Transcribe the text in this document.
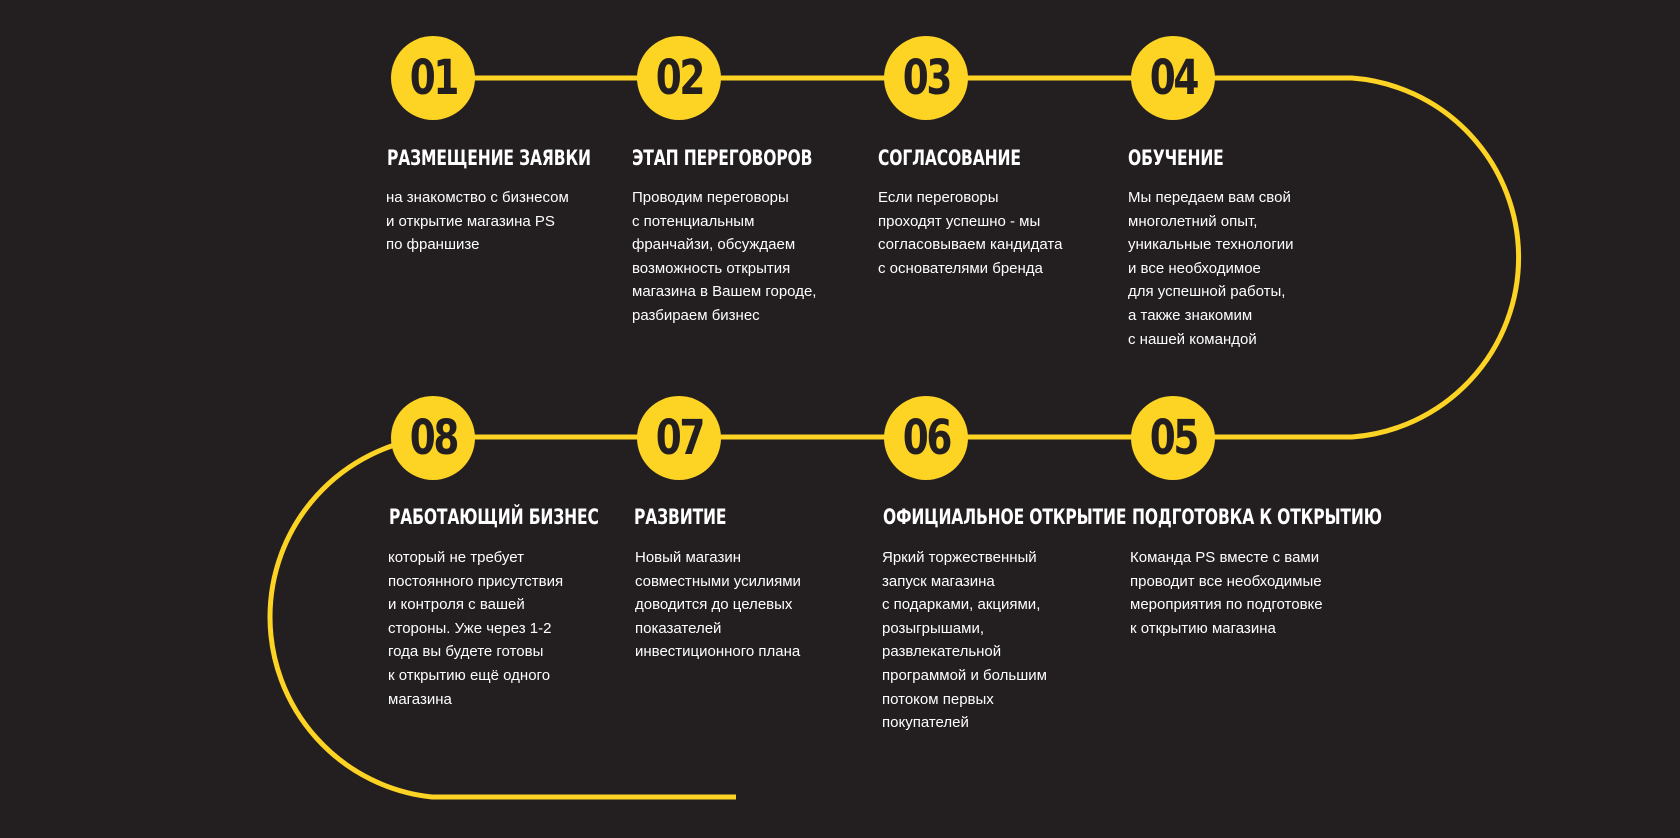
01
РАЗМЕЩЕНИЕ ЗАЯВКИ

на знакомство с бизнесом
и открытие магазина PS
по франшизе

02
ЭТАП ПЕРЕГОВОРОВ

Проводим переговоры
с потенциальным
франчайзи, обсуждаем
возможность открытия
магазина в Вашем городе,
разбираем бизнес

03
СОГЛАСОВАНИЕ

Если переговоры
проходят успешно - мы
согласовываем кандидата
с основателями бренда

04
ОБУЧЕНИЕ

Мы передаем вам свой
многолетний опыт,
уникальные технологии
и все необходимое
для успешной работы,
а также знакомим
с нашей командой

05
ПОДГОТОВКА К ОТКРЫТИЮ

Команда PS вместе с вами
проводит все необходимые
мероприятия по подготовке
к открытию магазина

06
ОФИЦИАЛЬНОЕ ОТКРЫТИЕ

Яркий торжественный
запуск магазина
с подарками, акциями,
розыгрышами,
развлекательной
программой и большим
потоком первых
покупателей

07
РАЗВИТИЕ

Новый магазин
совместными усилиями
доводится до целевых
показателей
инвестиционного плана

08
РАБОТАЮЩИЙ БИЗНЕС

который не требует
постоянного присутствия
и контроля с вашей
стороны. Уже через 1-2
года вы будете готовы
к открытию ещё одного
магазина
